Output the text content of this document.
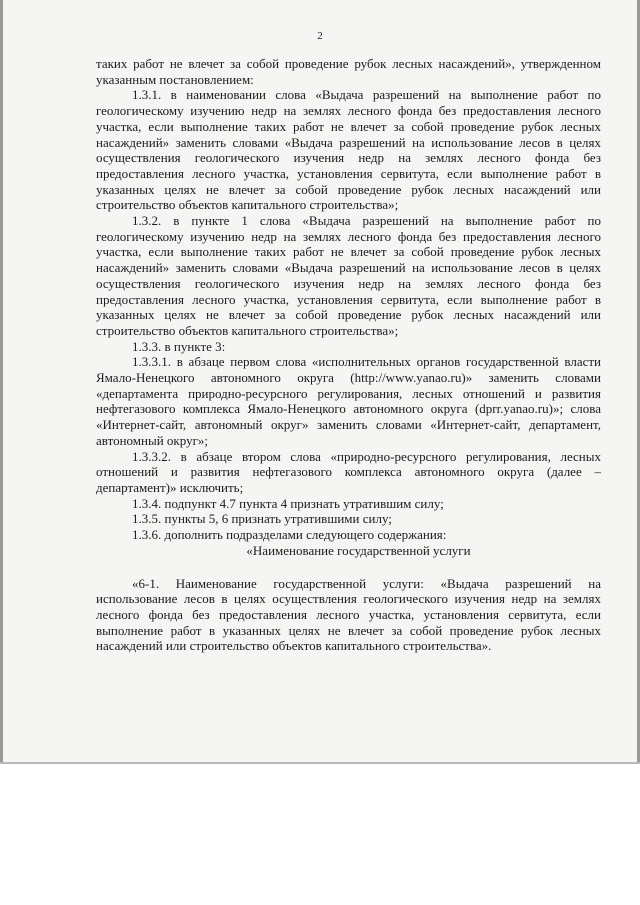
2

таких работ не влечет за собой проведение рубок лесных насаждений», утвержденном указанным постановлением:

1.3.1. в наименовании слова «Выдача разрешений на выполнение работ по геологическому изучению недр на землях лесного фонда без предоставления лесного участка, если выполнение таких работ не влечет за собой проведение рубок лесных насаждений» заменить словами «Выдача разрешений на использование лесов в целях осуществления геологического изучения недр на землях лесного фонда без предоставления лесного участка, установления сервитута, если выполнение работ в указанных целях не влечет за собой проведение рубок лесных насаждений или строительство объектов капитального строительства»;

1.3.2. в пункте 1 слова «Выдача разрешений на выполнение работ по геологическому изучению недр на землях лесного фонда без предоставления лесного участка, если выполнение таких работ не влечет за собой проведение рубок лесных насаждений» заменить словами «Выдача разрешений на использование лесов в целях осуществления геологического изучения недр на землях лесного фонда без предоставления лесного участка, установления сервитута, если выполнение работ в указанных целях не влечет за собой проведение рубок лесных насаждений или строительство объектов капитального строительства»;

1.3.3. в пункте 3:

1.3.3.1. в абзаце первом слова «исполнительных органов государственной власти Ямало-Ненецкого автономного округа (http://www.yanao.ru)» заменить словами «департамента природно-ресурсного регулирования, лесных отношений и развития нефтегазового комплекса Ямало-Ненецкого автономного округа (dprr.yanao.ru)»; слова «Интернет-сайт, автономный округ» заменить словами «Интернет-сайт, департамент, автономный округ»;

1.3.3.2. в абзаце втором слова «природно-ресурсного регулирования, лесных отношений и развития нефтегазового комплекса автономного округа (далее – департамент)» исключить;

1.3.4. подпункт 4.7 пункта 4 признать утратившим силу;

1.3.5. пункты 5, 6 признать утратившими силу;

1.3.6. дополнить подразделами следующего содержания:

«Наименование государственной услуги

«6-1. Наименование государственной услуги: «Выдача разрешений на использование лесов в целях осуществления геологического изучения недр на землях лесного фонда без предоставления лесного участка, установления сервитута, если выполнение работ в указанных целях не влечет за собой проведение рубок лесных насаждений или строительство объектов капитального строительства».
